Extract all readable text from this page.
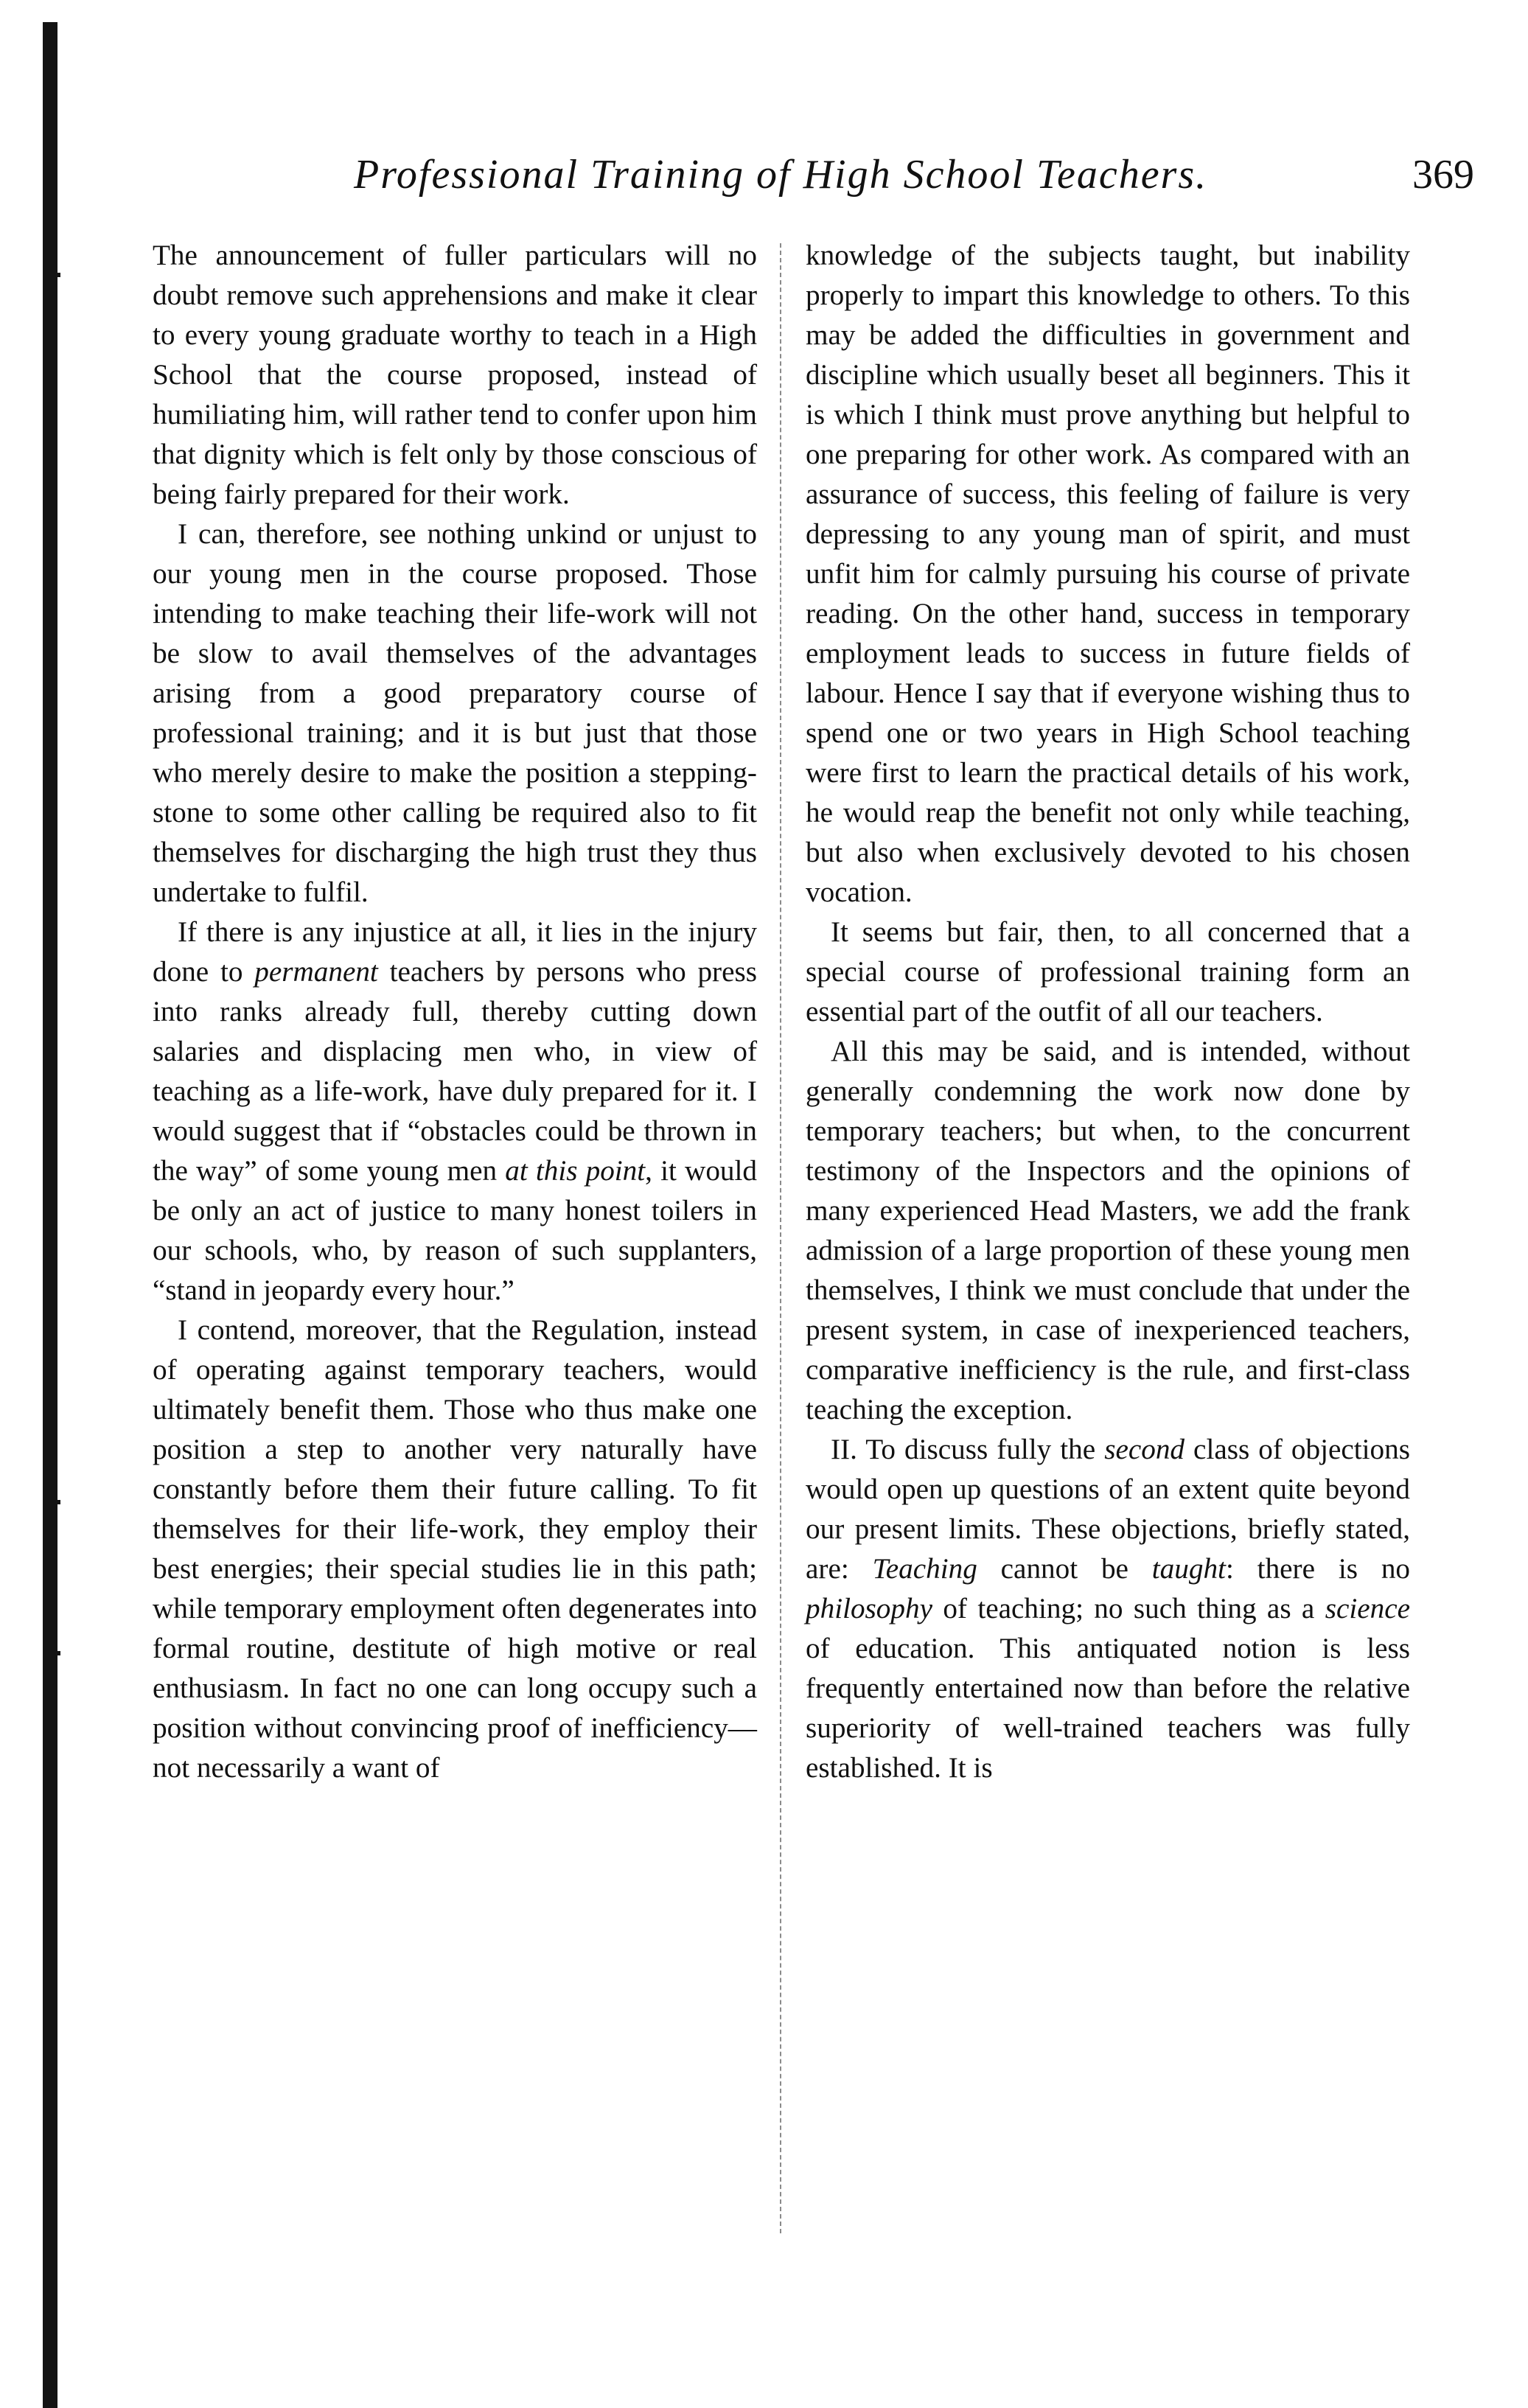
Professional Training of High School Teachers.	369

The announcement of fuller particulars will no doubt remove such apprehensions and make it clear to every young graduate worthy to teach in a High School that the course proposed, instead of humiliating him, will rather tend to confer upon him that dignity which is felt only by those conscious of being fairly prepared for their work.

I can, therefore, see nothing unkind or unjust to our young men in the course proposed. Those intending to make teaching their life-work will not be slow to avail themselves of the advantages arising from a good preparatory course of professional training; and it is but just that those who merely desire to make the position a stepping-stone to some other calling be required also to fit themselves for discharging the high trust they thus undertake to fulfil.

If there is any injustice at all, it lies in the injury done to permanent teachers by persons who press into ranks already full, thereby cutting down salaries and displacing men who, in view of teaching as a life-work, have duly prepared for it. I would suggest that if “obstacles could be thrown in the way” of some young men at this point, it would be only an act of justice to many honest toilers in our schools, who, by reason of such supplanters, “stand in jeopardy every hour.”

I contend, moreover, that the Regulation, instead of operating against temporary teachers, would ultimately benefit them. Those who thus make one position a step to another very naturally have constantly before them their future calling. To fit themselves for their life-work, they employ their best energies; their special studies lie in this path; while temporary employment often degenerates into formal routine, destitute of high motive or real enthusiasm. In fact no one can long occupy such a position without convincing proof of inefficiency—not necessarily a want of

knowledge of the subjects taught, but inability properly to impart this knowledge to others. To this may be added the difficulties in government and discipline which usually beset all beginners. This it is which I think must prove anything but helpful to one preparing for other work. As compared with an assurance of success, this feeling of failure is very depressing to any young man of spirit, and must unfit him for calmly pursuing his course of private reading. On the other hand, success in temporary employment leads to success in future fields of labour. Hence I say that if everyone wishing thus to spend one or two years in High School teaching were first to learn the practical details of his work, he would reap the benefit not only while teaching, but also when exclusively devoted to his chosen vocation.

It seems but fair, then, to all concerned that a special course of professional training form an essential part of the outfit of all our teachers.

All this may be said, and is intended, without generally condemning the work now done by temporary teachers; but when, to the concurrent testimony of the Inspectors and the opinions of many experienced Head Masters, we add the frank admission of a large proportion of these young men themselves, I think we must conclude that under the present system, in case of inexperienced teachers, comparative inefficiency is the rule, and first-class teaching the exception.

II. To discuss fully the second class of objections would open up questions of an extent quite beyond our present limits. These objections, briefly stated, are: Teaching cannot be taught: there is no philosophy of teaching; no such thing as a science of education. This antiquated notion is less frequently entertained now than before the relative superiority of well-trained teachers was fully established. It is
